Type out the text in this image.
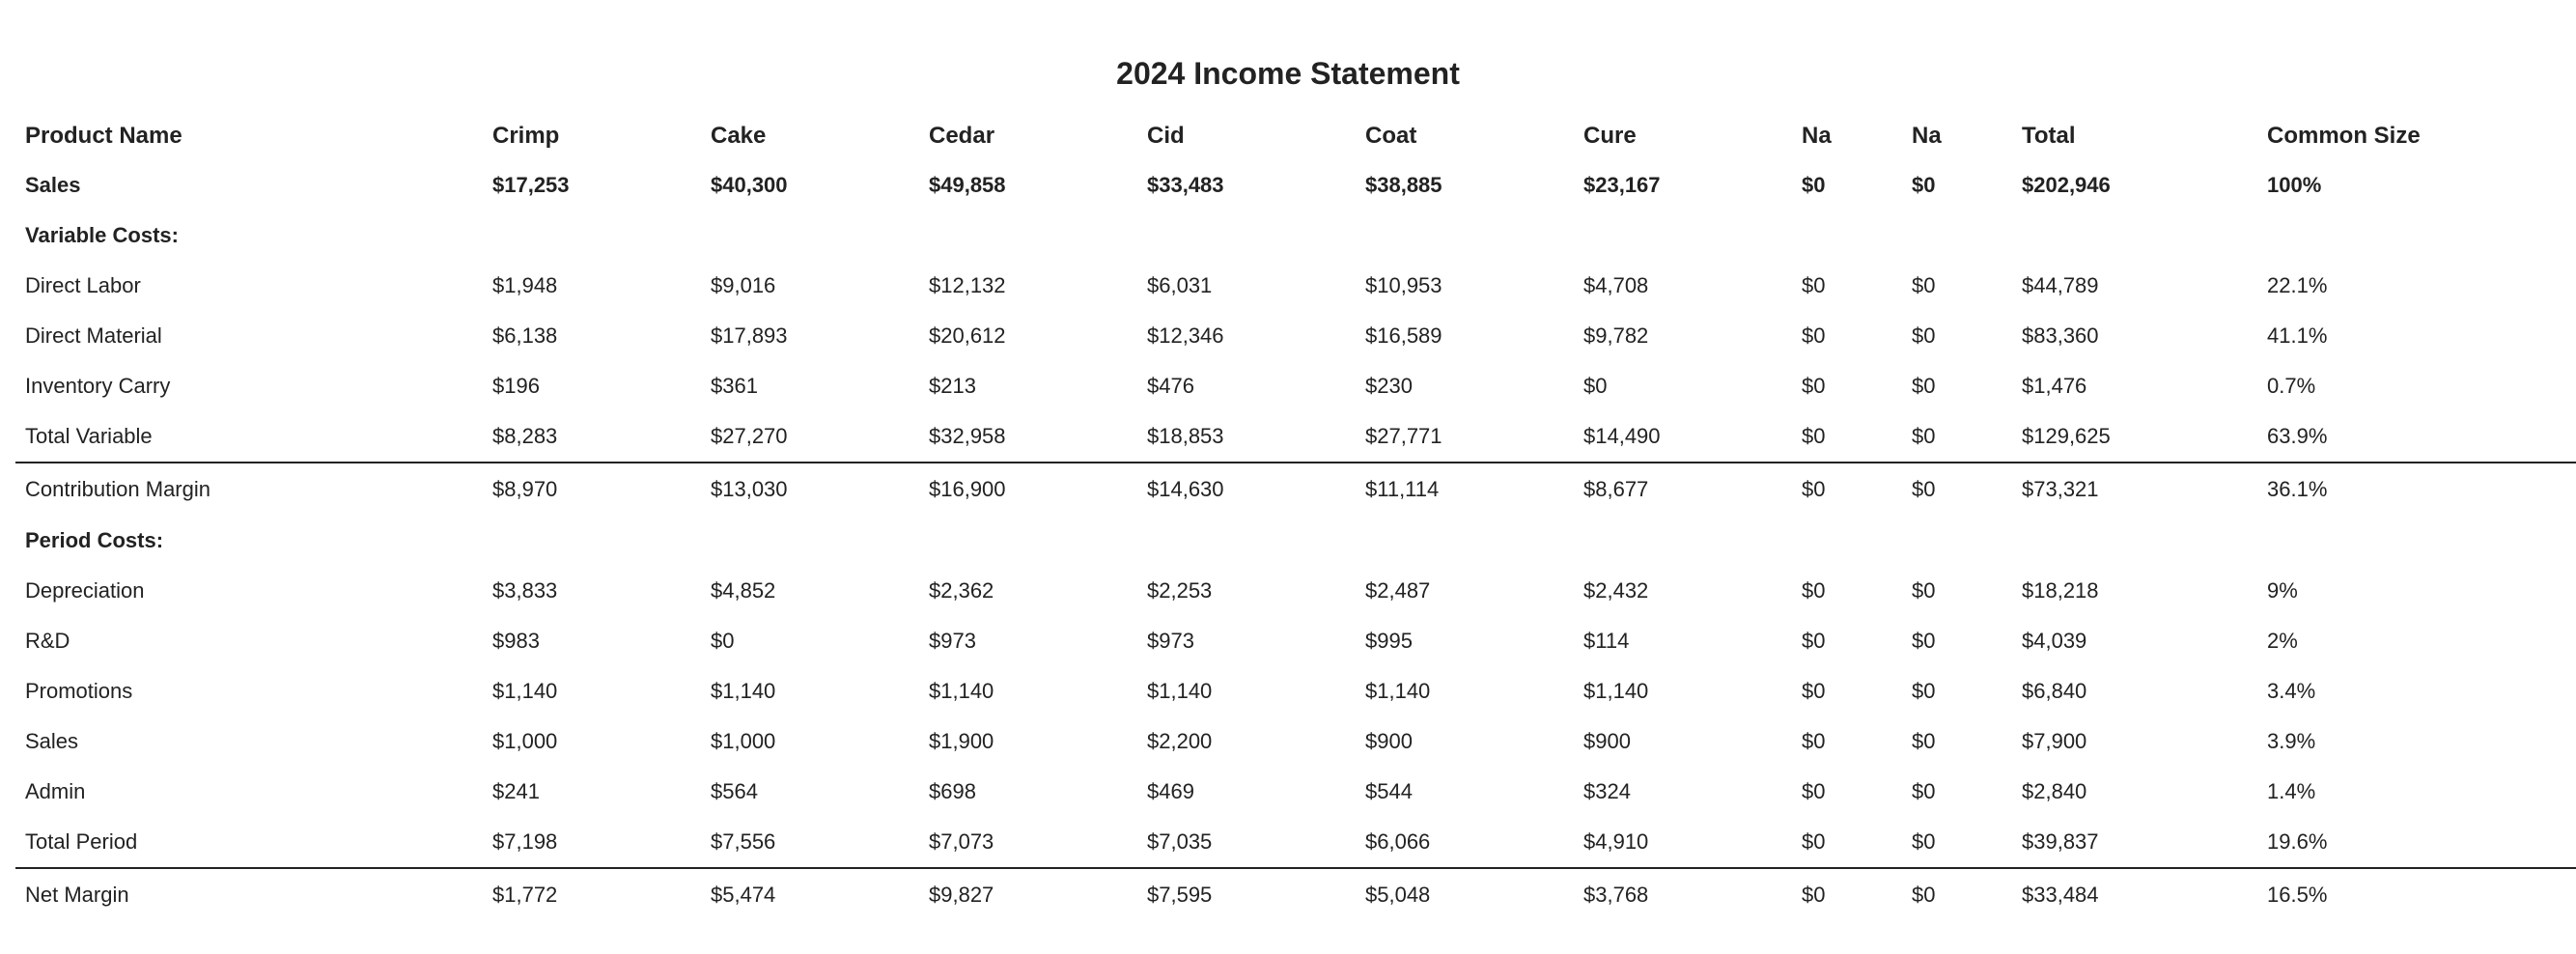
2024 Income Statement
Product Name	Crimp	Cake	Cedar	Cid	Coat	Cure	Na	Na	Total	Common Size
Sales	$17,253	$40,300	$49,858	$33,483	$38,885	$23,167	$0	$0	$202,946	100%
Variable Costs:										
Direct Labor	$1,948	$9,016	$12,132	$6,031	$10,953	$4,708	$0	$0	$44,789	22.1%
Direct Material	$6,138	$17,893	$20,612	$12,346	$16,589	$9,782	$0	$0	$83,360	41.1%
Inventory Carry	$196	$361	$213	$476	$230	$0	$0	$0	$1,476	0.7%
Total Variable	$8,283	$27,270	$32,958	$18,853	$27,771	$14,490	$0	$0	$129,625	63.9%
Contribution Margin	$8,970	$13,030	$16,900	$14,630	$11,114	$8,677	$0	$0	$73,321	36.1%
Period Costs:										
Depreciation	$3,833	$4,852	$2,362	$2,253	$2,487	$2,432	$0	$0	$18,218	9%
R&D	$983	$0	$973	$973	$995	$114	$0	$0	$4,039	2%
Promotions	$1,140	$1,140	$1,140	$1,140	$1,140	$1,140	$0	$0	$6,840	3.4%
Sales	$1,000	$1,000	$1,900	$2,200	$900	$900	$0	$0	$7,900	3.9%
Admin	$241	$564	$698	$469	$544	$324	$0	$0	$2,840	1.4%
Total Period	$7,198	$7,556	$7,073	$7,035	$6,066	$4,910	$0	$0	$39,837	19.6%
Net Margin	$1,772	$5,474	$9,827	$7,595	$5,048	$3,768	$0	$0	$33,484	16.5%
